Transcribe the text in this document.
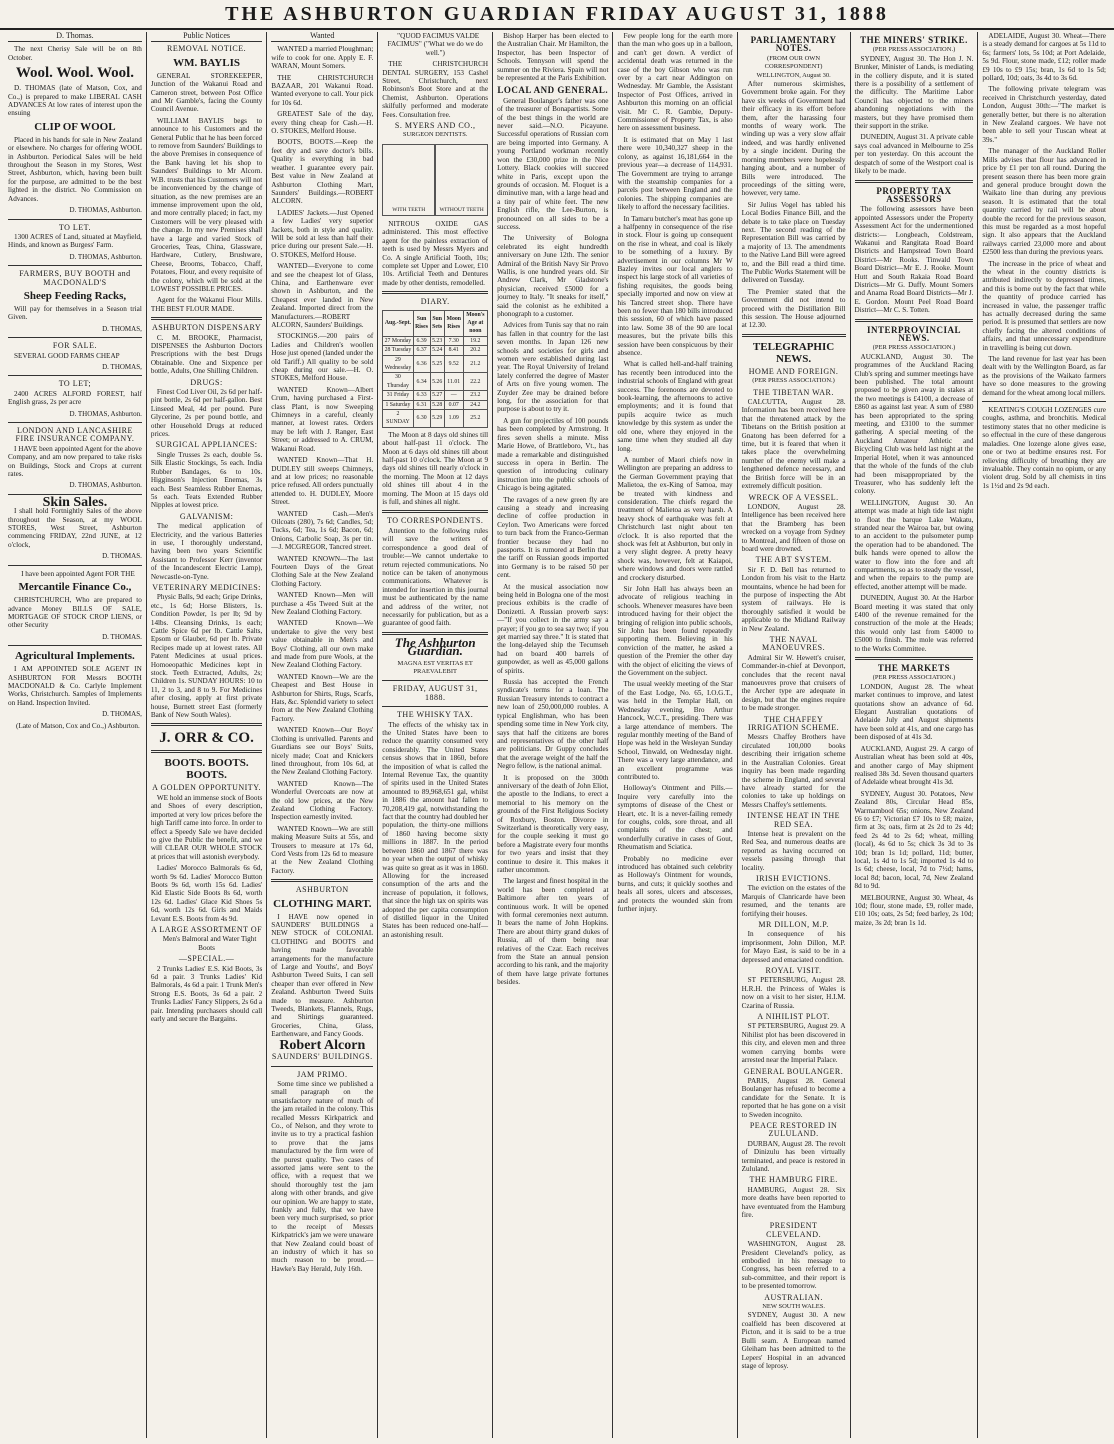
THE ASHBURTON GUARDIAN FRIDAY AUGUST 31, 1888
D. Thomas.

The next Cherisy Sale will be on 8th October.

Wool. Wool. Wool.

D. THOMAS (late of Matson, Cox, and Co.,) is prepared to make LIBERAL CASH ADVANCES At low rates of interest upon the ensuing

CLIP OF WOOL

Placed in his hands for sale in New Zealand or elsewhere. No charges for offering WOOL in Ashburton. Periodical Sales will be held throughout the Season in my Stores, West Street, Ashburton, which, having been built for the purpose, are admitted to be the best lighted in the district. No Commission on Advances.

D. THOMAS, Ashburton.
TO LET.

1300 ACRES of Land, situated at Mayfield, Hinds, and known as Burgess' Farm.

D. THOMAS, Ashburton.
FARMERS, BUY BOOTH and MACDONALD'S
Sheep Feeding Racks,

Will pay for themselves in a Season trial Given.

D. THOMAS,
FOR SALE.

SEVERAL GOOD FARMS CHEAP

D. THOMAS,
TO LET;

2400 ACRES ALFORD FOREST, half English grass, 2s per acre

D. THOMAS, Ashburton.
LONDON AND LANCASHIRE FIRE INSURANCE COMPANY.

I HAVE been appointed Agent for the above Company, and am now prepared to take risks on Buildings, Stock and Crops at current rates.

D. THOMAS, Ashburton.
Skin Sales.

I shall hold Fortnightly Sales of the above throughout the Season, at my WOOL STORES, West Street, Ashburton commencing FRIDAY, 22nd JUNE, at 12 o'clock,

D. THOMAS.

I have been appointed Agent FOR THE

Mercantile Finance Co.,

CHRISTCHURCH, Who are prepared to advance Money BILLS OF SALE, MORTGAGE OF STOCK CROP LIENS, or other Security

D. THOMAS.
Agricultural Implements.

I AM APPOINTED SOLE AGENT IN ASHBURTON FOR Messrs BOOTH MACDONALD & Co. Carlyle Implement Works, Christchurch. Samples of Implements on Hand. Inspection Invited.

D. THOMAS,

(Late of Matson, Cox and Co.,) Ashburton.

Public Notices
REMOVAL NOTICE.
WM. BAYLIS

GENERAL STOREKEEPER, Junction of the Wakanui Road and Cameron street, between Post Office and Mr Gamble's, facing the County Council Avenue.

WILLIAM BAYLIS begs to announce to his Customers and the General Public that he has been forced to remove from Saunders' Buildings to the above Premises in consequence of the Bank having let his shop to Saunders' Buildings to Mr Alcorn. W.B. trusts that his Customers will not be inconvenienced by the change of situation, as the new premises are an immense improvement upon the old, and more centrally placed; in fact, my Customers will be very pleased with the change. In my new Premises shall have a large and varied Stock of Groceries, Teas, China, Glassware, Hardware, Cutlery, Brushware, Cheese, Brooms, Tobacco, Chaff, Potatoes, Flour, and every requisite of the colony, which will be sold at the LOWEST POSSIBLE PRICES.

Agent for the Wakanui Flour Mills. THE BEST FLOUR MADE.

ASHBURTON DISPENSARY

C. M. BROOKE, Pharmacist, DISPENSES the Ashburton Doctors Prescriptions with the best Drugs Obtainable. One and Sixpence per bottle, Adults, One Shilling Children.

DRUGS:

Finest Cod Liver Oil, 2s 6d per half-pint bottle, 2s 6d per half-gallon. Best Linseed Meal, 4d per pound. Pure Glycerine, 2s per pound bottle, and other Household Drugs at reduced prices.

SURGICAL APPLIANCES:

Single Trusses 2s each, double 5s. Silk Elastic Stockings, 5s each. India Rubber Bandages, 6s to 10s. Higginson's Injection Enemas, 3s each. Best Seamless Rubber Enemas, 5s each. Teats Extended Rubber Nipples at lowest price.

GALVANISM:

The medical application of Electricity, and the various Batteries in use, I thoroughly understand, having been two years Scientific Assistant to Professor Kerr (inventor of the Incandescent Electric Lamp), Newcastle-on-Tyne.

VETERINARY MEDICINES:

Physic Balls, 9d each; Gripe Drinks, etc., 1s 6d; Horse Blisters, 1s. Condition Powder, 1s per lb; 9d by 14lbs. Cleansing Drinks, 1s each; Cattle Spice 6d per lb. Cattle Salts, Epsom or Glauber, 6d per lb. Private Recipes made up at lowest rates. All Patent Medicines at usual prices. Homoeopathic Medicines kept in stock. Teeth Extracted, Adults, 2s; Children 1s. SUNDAY HOURS: 10 to 11, 2 to 3, and 8 to 9. For Medicines after closing, apply at first private house, Burnett street East (formerly Bank of New South Wales).

J. ORR & CO.
BOOTS. BOOTS. BOOTS.
A GOLDEN OPPORTUNITY.

WE hold an immense stock of Boots and Shoes of every description, imported at very low prices before the high Tariff came into force. In order to effect a Speedy Sale we have decided to give the Public the benefit, and we will CLEAR OUR WHOLE STOCK at prices that will astonish everybody.

Ladies' Morocco Balmorals 6s 6d, worth 9s 6d. Ladies' Morocco Button Boots 9s 6d, worth 15s 6d. Ladies' Kid Elastic Side Boots 8s 6d, worth 12s 6d. Ladies' Glace Kid Shoes 5s 6d, worth 12s 6d. Girls and Maids Levant E.S. Boots from 4s 9d.

A LARGE ASSORTMENT OF

Men's Balmoral and Water Tight Boots

—SPECIAL.—

2 Trunks Ladies' E.S. Kid Boots, 3s 6d a pair. 3 Trunks Ladies' Kid Balmorals, 4s 6d a pair. 1 Trunk Men's Strong E.S. Boots, 3s 6d a pair. 2 Trunks Ladies' Fancy Slippers, 2s 6d a pair. Intending purchasers should call early and secure the Bargains.

Wanted

WANTED a married Ploughman; wife to cook for one. Apply E. F. WARAN, Mount Somers.

THE CHRISTCHURCH BAZAAR, 201 Wakanui Road. Wanted everyone to call. Your pick for 10s 6d.

GREATEST Sale of the day, every thing cheap for Cash.—H. O. STOKES, Melford House.

BOOTS, BOOTS.—Keep the feet dry and save doctor's bills. Quality is everything in bad weather. I guarantee every pair. Best value in New Zealand at Ashburton Clothing Mart, Saunders' Buildings.—ROBERT ALCORN.

LADIES' Jackets.—Just Opened a few Ladies' very superior Jackets, both in style and quality. Will be sold at less than half their price during our present Sale.—H. O. STOKES, Melford House.

WANTED—Everyone to come and see the cheapest lot of Glass, China, and Earthenware ever shown in Ashburton, and the Cheapest ever landed in New Zealand. Imported direct from the Manufacturers.—ROBERT ALCORN, Saunders' Buildings.

STOCKINGS.—200 pairs of Ladies and Children's woollen Hose just opened (landed under the old Tariff.) All quality to be sold cheap during our sale.—H. O. STOKES, Melford House.

WANTED Known—Albert Crum, having purchased a First-class Plant, is now Sweeping Chimneys in a careful, cleanly manner, at lowest rates. Orders may be left with J. Ranger, East Street; or addressed to A. CRUM, Wakanui Road.

WANTED Known—That H. DUDLEY still sweeps Chimneys, and at low prices; no reasonable price refused. All orders punctually attended to. H. DUDLEY, Moore Street.

WANTED Cash.—Men's Oilcoats (280), 7s 6d; Candles, 5d; Tucks, 6d; Tea, 1s 6d; Bacon, 6d; Onions, Carbolic Soap, 3s per tin.—J. MCGREGOR, Tancred street.

WANTED KNOWN—The last Fourteen Days of the Great Clothing Sale at the New Zealand Clothing Factory.

WANTED Known—Men will purchase a 45s Tweed Suit at the New Zealand Clothing Factory.

WANTED Known—We undertake to give the very best value obtainable in Men's and Boys' Clothing, all our own make and made from pure Wools, at the New Zealand Clothing Factory.

WANTED Known—We are the Cheapest and Best House in Ashburton for Shirts, Rugs, Scarfs, Hats, &c. Splendid variety to select from at the New Zealand Clothing Factory.

WANTED Known—Our Boys' Clothing is unrivalled. Parents and Guardians see our Boys' Suits, nicely made; Coat and Knickers lined throughout, from 10s 6d, at the New Zealand Clothing Factory.

WANTED Known—The Wonderful Overcoats are now at the old low prices, at the New Zealand Clothing Factory. Inspection earnestly invited.

WANTED Known—We are still making Measure Suits at 55s, and Trousers to measure at 17s 6d, Cord Vests from 12s 6d to measure at the New Zealand Clothing Factory.

ASHBURTON
CLOTHING MART.

I HAVE now opened in SAUNDERS' BUILDINGS a NEW STOCK of COLONIAL CLOTHING and BOOTS and having made favorable arrangements for the manufacture of Large and Youths', and Boys' Ashburton Tweed Suits, I can sell cheaper than ever offered in New Zealand. Ashburton Tweed Suits made to measure. Ashburton Tweeds, Blankets, Flannels, Rugs, and Shirtings guaranteed. Groceries, China, Glass, Earthenware, and Fancy Goods.

Robert Alcorn
SAUNDERS' BUILDINGS.
JAM PRIMO.

Some time since we published a small paragraph on the unsatisfactory nature of much of the jam retailed in the colony. This recalled Messrs Kirkpatrick and Co., of Nelson, and they wrote to invite us to try a practical fashion to prove that the jams manufactured by the firm were of the purest quality. Two cases of assorted jams were sent to the office, with a request that we should thoroughly test the jam along with other brands, and give our opinion. We are happy to state, frankly and fully, that we have been very much surprised, so prior to the receipt of Messrs Kirkpatrick's jam we were unaware that New Zealand could boast of an industry of which it has so much reason to be proud.—Hawke's Bay Herald, July 16th.

"QUOD FACIMUS VALDE FACIMUS" ("What we do we do well.")

THE CHRISTCHURCH DENTAL SURGERY, 153 Cashel Street, Christchurch, next Robinson's Boot Store and at the Chemist, Ashburton. Operations skilfully performed and moderate Fees. Consultation free.

S. MYERS AND CO.,
SURGEON DENTISTS.
WITH TEETH	WITHOUT TEETH

NITROUS OXIDE GAS administered. This most effective agent for the painless extraction of teeth is used by Messrs Myers and Co. A single Artificial Tooth, 10s; complete set Upper and Lower, £10 10s. Artificial Teeth and Dentures made by other dentists, remodelled.

DIARY.
Aug.-Sept.	Sun Rises	Sun Sets	Moon Rises	Moon's Age at noon
27 Monday	6.39	5.23	7.30	19.2
28 Tuesday	6.37	5.24	8.41	20.2
29 Wednesday	6.36	5.25	9.52	21.2
30 Thursday	6.34	5.26	11.01	22.2
31 Friday	6.33	5.27	—	23.2
1 Saturday	6.31	5.28	0.07	24.2
2 SUNDAY	6.30	5.29	1.09	25.2

The Moon at 8 days old shines till about half-past 11 o'clock. The Moon at 6 days old shines till about half-past 10 o'clock. The Moon at 9 days old shines till nearly o'clock in the morning. The Moon at 12 days old shines till about 4 in the morning. The Moon at 15 days old is full, and shines all night.

TO CORRESPONDENTS.

Attention to the following rules will save the writers of correspondence a good deal of trouble:—We cannot undertake to return rejected communications. No notice can be taken of anonymous communications. Whatever is intended for insertion in this journal must be authenticated by the name and address of the writer, not necessarily for publication, but as a guarantee of good faith.

The Ashburton Guardian.
MAGNA EST VERITAS ET PRAEVALEBIT
FRIDAY, AUGUST 31, 1888.
THE WHISKY TAX.

The effects of the whisky tax in the United States have been to reduce the quantity consumed very considerably. The United States census shows that in 1860, before the imposition of what is called the Internal Revenue Tax, the quantity of spirits used in the United States amounted to 89,968,651 gal, whilst in 1886 the amount had fallen to 70,208,419 gal, notwithstanding the fact that the country had doubled her population, the thirty-one millions of 1860 having become sixty millions in 1887. In the period between 1860 and 1867 there was no year when the output of whisky was quite so great as it was in 1860. Allowing for the increased consumption of the arts and the increase of population, it follows, that since the high tax on spirits was adopted the per capita consumption of distilled liquor in the United States has been reduced one-half—an astonishing result.

Bishop Harper has been elected to the Australian Chair. Mr Hamilton, the Inspector, has been Inspector of Schools. Tennyson will spend the summer on the Riviera. Spain will not be represented at the Paris Exhibition.

LOCAL AND GENERAL.

General Boulanger's father was one of the treasurer of Bonapartists. Some of the best things in the world are never said.—N.O. Picayune. Successful operations of Russian corn are being imported into Germany. A young Portland workman recently won the £30,000 prize in the Nice Lottery. Black cookies will succeed white in Paris, except upon the grounds of occasion. M. Floquet is a diminutive man, with a large head and a tiny pair of white feet. The new English rifle, the Lee-Burton, is pronounced on all sides to be a success.

The University of Bologna celebrated its eight hundredth anniversary on June 12th. The senior Admiral of the British Navy Sir Provo Wallis, is one hundred years old. Sir Andrew Clark, Mr Gladstone's physician, received £5000 for a journey to Italy. "It sneaks for itself," said the colonist as he exhibited a phonograph to a customer.

Advices from Tunis say that no rain has fallen in that country for the last seven months. In Japan 126 new schools and societies for girls and women were established during last year. The Royal University of Ireland lately conferred the degree of Master of Arts on five young women. The Zuyder Zee may be drained before long, for the association for that purpose is about to try it.

A gun for projectiles of 100 pounds has been completed by Armstrong. It fires seven shells a minute. Miss Marie Howe, of Brattleboro, Vt., has made a remarkable and distinguished success in opera in Berlin. The question of introducing culinary instruction into the public schools of Chicago is being agitated.

The ravages of a new green fly are causing a steady and increasing decline of coffee production in Ceylon. Two Americans were forced to turn back from the Franco-German frontier because they had no passports. It is rumored at Berlin that the tariff on Russian goods imported into Germany is to be raised 50 per cent.

At the musical association now being held in Bologna one of the most precious exhibits is the cradle of Donizetti. A Russian proverb says:—"If you collect in the army say a prayer; if you go to sea say two; if you get married say three." It is stated that the long-delayed ship the Tecumseh had on board 400 barrels of gunpowder, as well as 45,000 gallons of spirits.

Russia has accepted the French syndicate's terms for a loan. The Russian Treasury intends to contract a new loan of 250,000,000 roubles. A typical Englishman, who has been spending some time in New York city, says that half the citizens are bores and representatives of the other half are politicians. Dr Guppy concludes that the average weight of the half the Negro fellow, is the national animal.

It is proposed on the 300th anniversary of the death of John Eliot, the apostle to the Indians, to erect a memorial to his memory on the grounds of the First Religious Society of Roxbury, Boston. Divorce in Switzerland is theoretically very easy, for the couple seeking it must go before a Magistrate every four months for two years and insist that they continue to desire it. This makes it rather uncommon.

The largest and finest hospital in the world has been completed at Baltimore after ten years of continuous work. It will be opened with formal ceremonies next autumn. It bears the name of John Hopkins. There are about thirty grand dukes of Russia, all of them being near relatives of the Czar. Each receives from the State an annual pension according to his rank, and the majority of them have large private fortunes besides.

Few people long for the earth more than the man who goes up in a balloon, and can't get down. A verdict of accidental death was returned in the case of the boy Gibson who was run over by a cart near Addington on Wednesday. Mr Gamble, the Assistant Inspector of Post Offices, arrived in Ashburton this morning on an official visit. Mr C. R. Gambie, Deputy-Commissioner of Property Tax, is also here on assessment business.

It is estimated that on May 1 last there were 10,340,327 sheep in the colony, as against 16,181,664 in the previous year—a decrease of 114,931. The Government are trying to arrange with the steamship companies for a parcels post between England and the colonies. The shipping companies are likely to afford the necessary facilities.

In Tamaru butcher's meat has gone up a halfpenny in consequence of the rise in stock. Flour is going up consequent on the rise in wheat, and coal is likely to be something of a luxury. By advertisement in our columns Mr W Bazley invites our local anglers to inspect his large stock of all varieties of fishing requisites, the goods being specially imported and now on view at his Tancred street shop. There have been no fewer than 180 bills introduced this session, 60 of which have passed into law. Some 38 of the 90 are local measures, but the private bills this session have been conspicuous by their absence.

What is called hell-and-half training has recently been introduced into the industrial schools of England with great success. The forenoons are devoted to book-learning, the afternoons to active employments; and it is found that pupils acquire twice as much knowledge by this system as under the old one, where they enjoyed in the same time when they studied all day long.

A number of Maori chiefs now in Wellington are preparing an address to the German Government praying that Malietoa, the ex-King of Samoa, may be treated with kindness and consideration. The chiefs regard the treatment of Malietoa as very harsh. A heavy shock of earthquake was felt at Christchurch last night about ten o'clock. It is also reported that the shock was felt at Ashburton, but only in a very slight degree. A pretty heavy shock was, however, felt at Kaiapoi, where windows and doors were rattled and crockery disturbed.

Sir John Hall has always been an advocate of religious teaching in schools. Whenever measures have been introduced having for their object the bringing of religion into public schools, Sir John has been found repeatedly supporting them. Believing in his conviction of the matter, he asked a question of the Premier the other day with the object of eliciting the views of the Government on the subject.

The usual weekly meeting of the Star of the East Lodge, No. 65, I.O.G.T., was held in the Templar Hall, on Wednesday evening, Bro Arthur Hancock, W.C.T., presiding. There was a large attendance of members. The regular monthly meeting of the Band of Hope was held in the Wesleyan Sunday School, Tinwald, on Wednesday night. There was a very large attendance, and an excellent programme was contributed to.

Holloway's Ointment and Pills.—Inquire very carefully into the symptoms of disease of the Chest or Heart, etc. It is a never-failing remedy for coughs, colds, sore throat, and all complaints of the chest; and wonderfully curative in cases of Gout, Rheumatism and Sciatica.

Probably no medicine ever introduced has obtained such celebrity as Holloway's Ointment for wounds, burns, and cuts; it quickly soothes and heals all sores, ulcers and abscesses, and protects the wounded skin from further injury.

PARLIAMENTARY NOTES.
(FROM OUR OWN CORRESPONDENT)
WELLINGTON, August 30.

After numerous skirmishes, Government broke again. For they have six weeks of Government had their efficacy in its effort before them, after the harassing four months of weary work. The winding up was a very slow affair indeed, and was hardly enlivened by a single incident. During the morning members were hopelessly hanging about, and a number of Bills were introduced. The proceedings of the sitting were, however, very tame.

Sir Julius Vogel has tabled his Local Bodies Finance Bill, and the debate is to take place on Tuesday next. The second reading of the Representation Bill was carried by a majority of 13. The amendments to the Native Land Bill were agreed to, and the Bill read a third time. The Public Works Statement will be delivered on Tuesday.

The Premier stated that the Government did not intend to proceed with the Distillation Bill this session. The House adjourned at 12.30.

TELEGRAPHIC NEWS.
HOME AND FOREIGN.
(PER PRESS ASSOCIATION.)
THE TIBETAN WAR.

CALCUTTA, August 28. Information has been received here that the threatened attack by the Tibetans on the British position at Gnatong has been deferred for a time, but it is feared that when it takes place the overwhelming number of the enemy will make a lengthened defence necessary, and the British force will be in an extremely difficult position.

WRECK OF A VESSEL.

LONDON, August 28. Intelligence has been received here that the Bramberg has been wrecked on a voyage from Sydney to Montreal, and fifteen of those on board were drowned.

THE ABT SYSTEM.

Sir F. D. Bell has returned to London from his visit to the Hartz mountains, whence he had been for the purpose of inspecting the Abt system of railways. He is thoroughly satisfied it would be applicable to the Midland Railway in New Zealand.

THE NAVAL MANOEUVRES.

Admiral Sir W. Hewett's cruiser, Commander-in-chief at Devonport, concludes that the recent naval manoeuvres prove that cruisers of the Archer type are adequate in design, but that the engines require to be made stronger.

THE CHAFFEY IRRIGATION SCHEME.

Messrs Chaffey Brothers have circulated 100,000 books describing their irrigation scheme in the Australian Colonies. Great inquiry has been made regarding the scheme in England, and several have already started for the colonies to take up holdings on Messrs Chaffey's settlements.

INTENSE HEAT IN THE RED SEA.

Intense heat is prevalent on the Red Sea, and numerous deaths are reported as having occurred on vessels passing through that locality.

IRISH EVICTIONS.

The eviction on the estates of the Marquis of Clanricarde have been resumed, and the tenants are fortifying their houses.

MR DILLON, M.P.

In consequence of his imprisonment, John Dillon, M.P. for Mayo East, is said to be in a depressed and emaciated condition.

ROYAL VISIT.

ST PETERSBURG, August 28. H.R.H. the Princess of Wales is now on a visit to her sister, H.I.M. Czarina of Russia.

A NIHILIST PLOT.

ST PETERSBURG, August 29. A Nihilist plot has been discovered in this city, and eleven men and three women carrying bombs were arrested near the Imperial Palace.

GENERAL BOULANGER.

PARIS, August 28. General Boulanger has refused to become a candidate for the Senate. It is reported that he has gone on a visit to Sweden incognito.

PEACE RESTORED IN ZULULAND.

DURBAN, August 28. The revolt of Dinizulu has been virtually terminated, and peace is restored in Zululand.

THE HAMBURG FIRE.

HAMBURG, August 28. Six more deaths have been reported to have eventuated from the Hamburg fire.

PRESIDENT CLEVELAND.

WASHINGTON, August 28. President Cleveland's policy, as embodied in his message to Congress, has been referred to a sub-committee, and their report is to be presented tomorrow.

AUSTRALIAN.
NEW SOUTH WALES.

SYDNEY, August 30. A new coalfield has been discovered at Picton, and it is said to be a true Bulli seam. A European named Gleiham has been admitted to the Lepers' Hospital in an advanced stage of leprosy.

THE MINERS' STRIKE.
(PER PRESS ASSOCIATION.)

SYDNEY, August 30. The Hon J. N. Brunker, Minister of Lands, is mediating in the colliery dispute, and it is stated there is a possibility of a settlement of the difficulty. The Maritime Labor Council has objected to the miners abandoning negotiations with the masters, but they have promised them their support in the strike.

DUNEDIN, August 31. A private cable says coal advanced in Melbourne to 25s per ton yesterday. On this account the despatch of some of the Westport coal is likely to be made.

PROPERTY TAX ASSESSORS

The following assessors have been appointed Assessors under the Property Assessment Act for the undermentioned districts:— Longbeach, Coldstream, Wakanui and Rangitata Road Board Districts and Hampstead Town Board District—Mr Rooks. Tinwald Town Board District—Mr E. J. Rooke. Mount Hutt and South Rakaia Road Board Districts—Mr G. Duffy. Mount Somers and Anama Road Board Districts—Mr J. E. Gordon. Mount Peel Road Board District—Mr C. S. Totten.

INTERPROVINCIAL NEWS.
(PER PRESS ASSOCIATION.)

AUCKLAND, August 30. The programmes of the Auckland Racing Club's spring and summer meetings have been published. The total amount proposed to be given away in stakes at the two meetings is £4100, a decrease of £860 as against last year. A sum of £980 has been appropriated to the spring meeting, and £3100 to the summer gathering. A special meeting of the Auckland Amateur Athletic and Bicycling Club was held last night at the Imperial Hotel, when it was announced that the whole of the funds of the club had been misappropriated by the Treasurer, who has suddenly left the colony.

WELLINGTON, August 30. An attempt was made at high tide last night to float the barque Lake Wakatu, stranded near the Wairoa bar, but owing to an accident to the pulsometer pump the operation had to be abandoned. The bulk hands were opened to allow the water to flow into the fore and aft compartments, so as to steady the vessel, and when the repairs to the pump are effected, another attempt will be made.

DUNEDIN, August 30. At the Harbor Board meeting it was stated that only £400 of the revenue remained for the construction of the mole at the Heads; this would only last from £4000 to £5000 to finish. The mole was referred to the Works Committee.

THE MARKETS
(PER PRESS ASSOCIATION.)

LONDON, August 28. The wheat market continues to improve, and latest quotations show an advance of 6d. Elegant Australian quotations of Adelaide July and August shipments have been sold at 41s, and one cargo has been disposed of at 41s 3d.

AUCKLAND, August 29. A cargo of Australian wheat has been sold at 40s, and another cargo of May shipment realised 38s 3d. Seven thousand quarters of Adelaide wheat brought 41s 3d.

SYDNEY, August 30. Potatoes, New Zealand 80s, Circular Head 85s, Warrnambool 65s; onions, New Zealand £6 to £7; Victorian £7 10s to £8; maize, firm at 3s; oats, firm at 2s 2d to 2s 4d; feed 2s 4d to 2s 6d; wheat, milling (local), 4s 6d to 5s; chick 3s 3d to 3s 10d; bran 1s 1d; pollard, 11d; butter, local, 1s 4d to 1s 5d; imported 1s 4d to 1s 6d; cheese, local, 7d to 7½d; hams, local 8d; bacon, local, 7d, New Zealand 8d to 9d.

MELBOURNE, August 30. Wheat, 4s 10d; flour, stone made, £9, roller made, £10 10s; oats, 2s 5d; feed barley, 2s 10d; maize, 3s 2d; bran 1s 1d.

ADELAIDE, August 30. Wheat—There is a steady demand for cargoes at 5s 11d to 6s; farmers' lots, 5s 10d; at Port Adelaide, 5s 9d. Flour, stone made, £12; roller made £9 10s to £9 15s; bran, 1s 6d to 1s 5d; pollard, 10d; oats, 3s 4d to 3s 6d.

The following private telegram was received in Christchurch yesterday, dated London, August 30th:—"The market is generally better, but there is no alteration in New Zealand cargoes. We have not been able to sell your Tuscan wheat at 39s."

The manager of the Auckland Roller Mills advises that flour has advanced in price by £1 per ton all round. During the present season there has been more grain and general produce brought down the Waikato line than during any previous season. It is estimated that the total quantity carried by rail will be about double the record for the previous season, this must be regarded as a most hopeful sign. It also appears that the Auckland railways carried 23,000 more and about £2500 less than during the previous years.

The increase in the price of wheat and the wheat in the country districts is attributed indirectly to depressed times, and this is borne out by the fact that while the quantity of produce carried has increased in value, the passenger traffic has actually decreased during the same period. It is presumed that settlers are now chiefly facing the altered conditions of affairs, and that unnecessary expenditure in travelling is being cut down.

The land revenue for last year has been dealt with by the Wellington Board, as far as the provisions of the Waikato farmers have so done measures to the growing demand for the wheat among local millers.

KEATING'S COUGH LOZENGES cure coughs, asthma, and bronchitis. Medical testimony states that no other medicine is so effectual in the cure of these dangerous maladies. One lozenge alone gives ease, one or two at bedtime ensures rest. For relieving difficulty of breathing they are invaluable. They contain no opium, or any violent drug. Sold by all chemists in tins 1s 1½d and 2s 9d each.
